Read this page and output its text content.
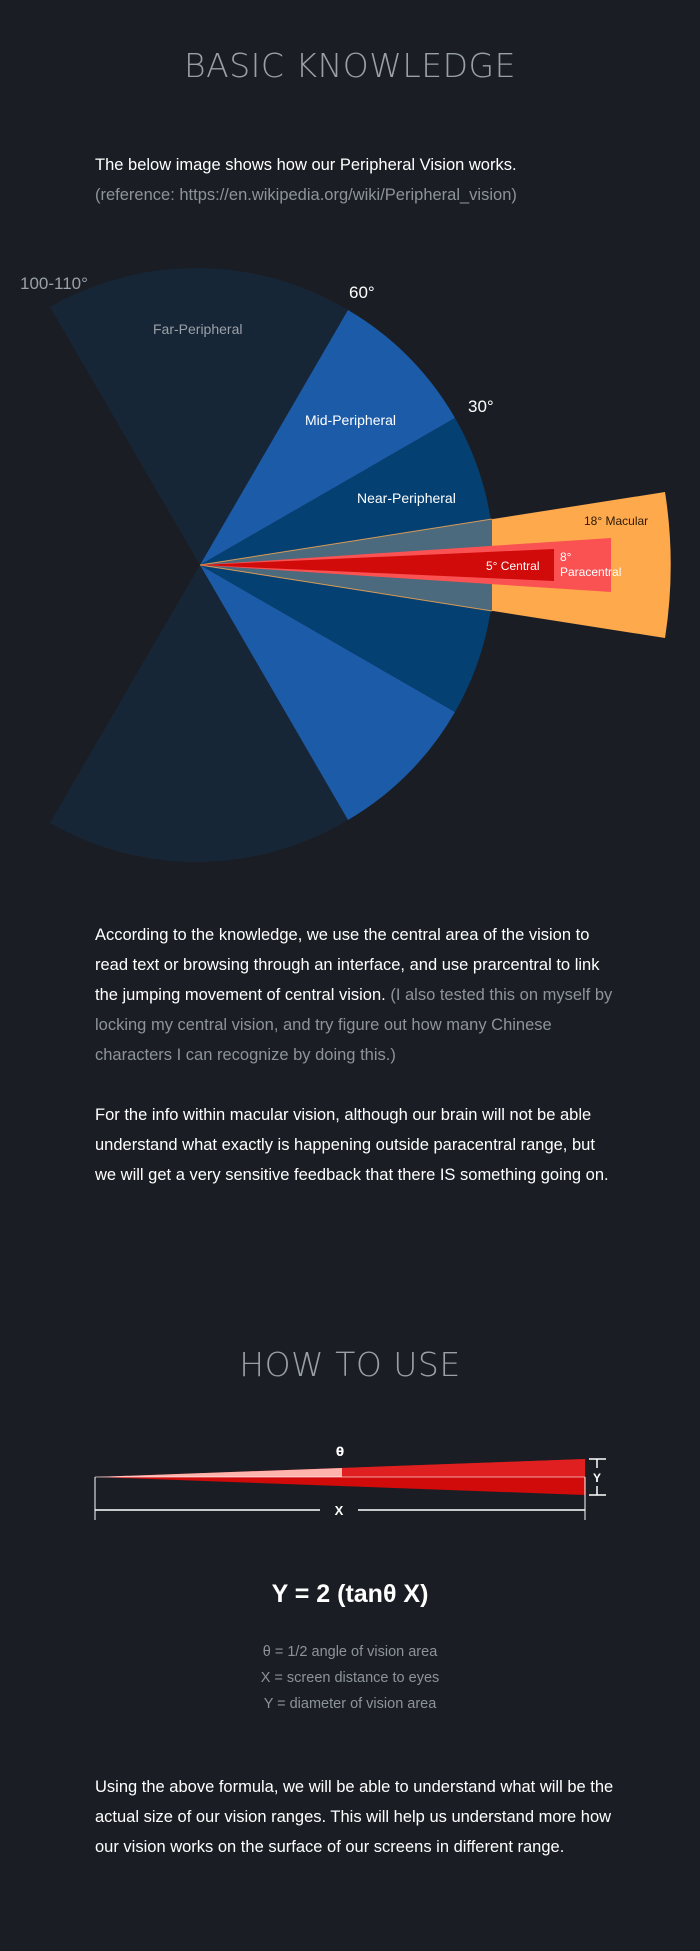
BASIC KNOWLEDGE
The below image shows how our Peripheral Vision works.
(reference: https://en.wikipedia.org/wiki/Peripheral_vision)
100-110°	60°
30°
Far-Peripheral
Mid-Peripheral
Near-Peripheral
18° Macular
8°
Paracentral
5° Central
According to the knowledge, we use the central area of the vision to read text or browsing through an interface, and use prarcentral to link the jumping movement of central vision. (I also tested this on myself by locking my central vision, and try figure out how many Chinese characters I can recognize by doing this.)
For the info within macular vision, although our brain will not be able understand what exactly is happening outside paracentral range, but we will get a very sensitive feedback that there IS something going on.
HOW TO USE
X
Y
θ
Y = 2 (tanθ X)
θ = 1/2 angle of vision area
X = screen distance to eyes
Y = diameter of vision area
Using the above formula, we will be able to understand what will be the actual size of our vision ranges. This will help us understand more how our vision works on the surface of our screens in different range.
